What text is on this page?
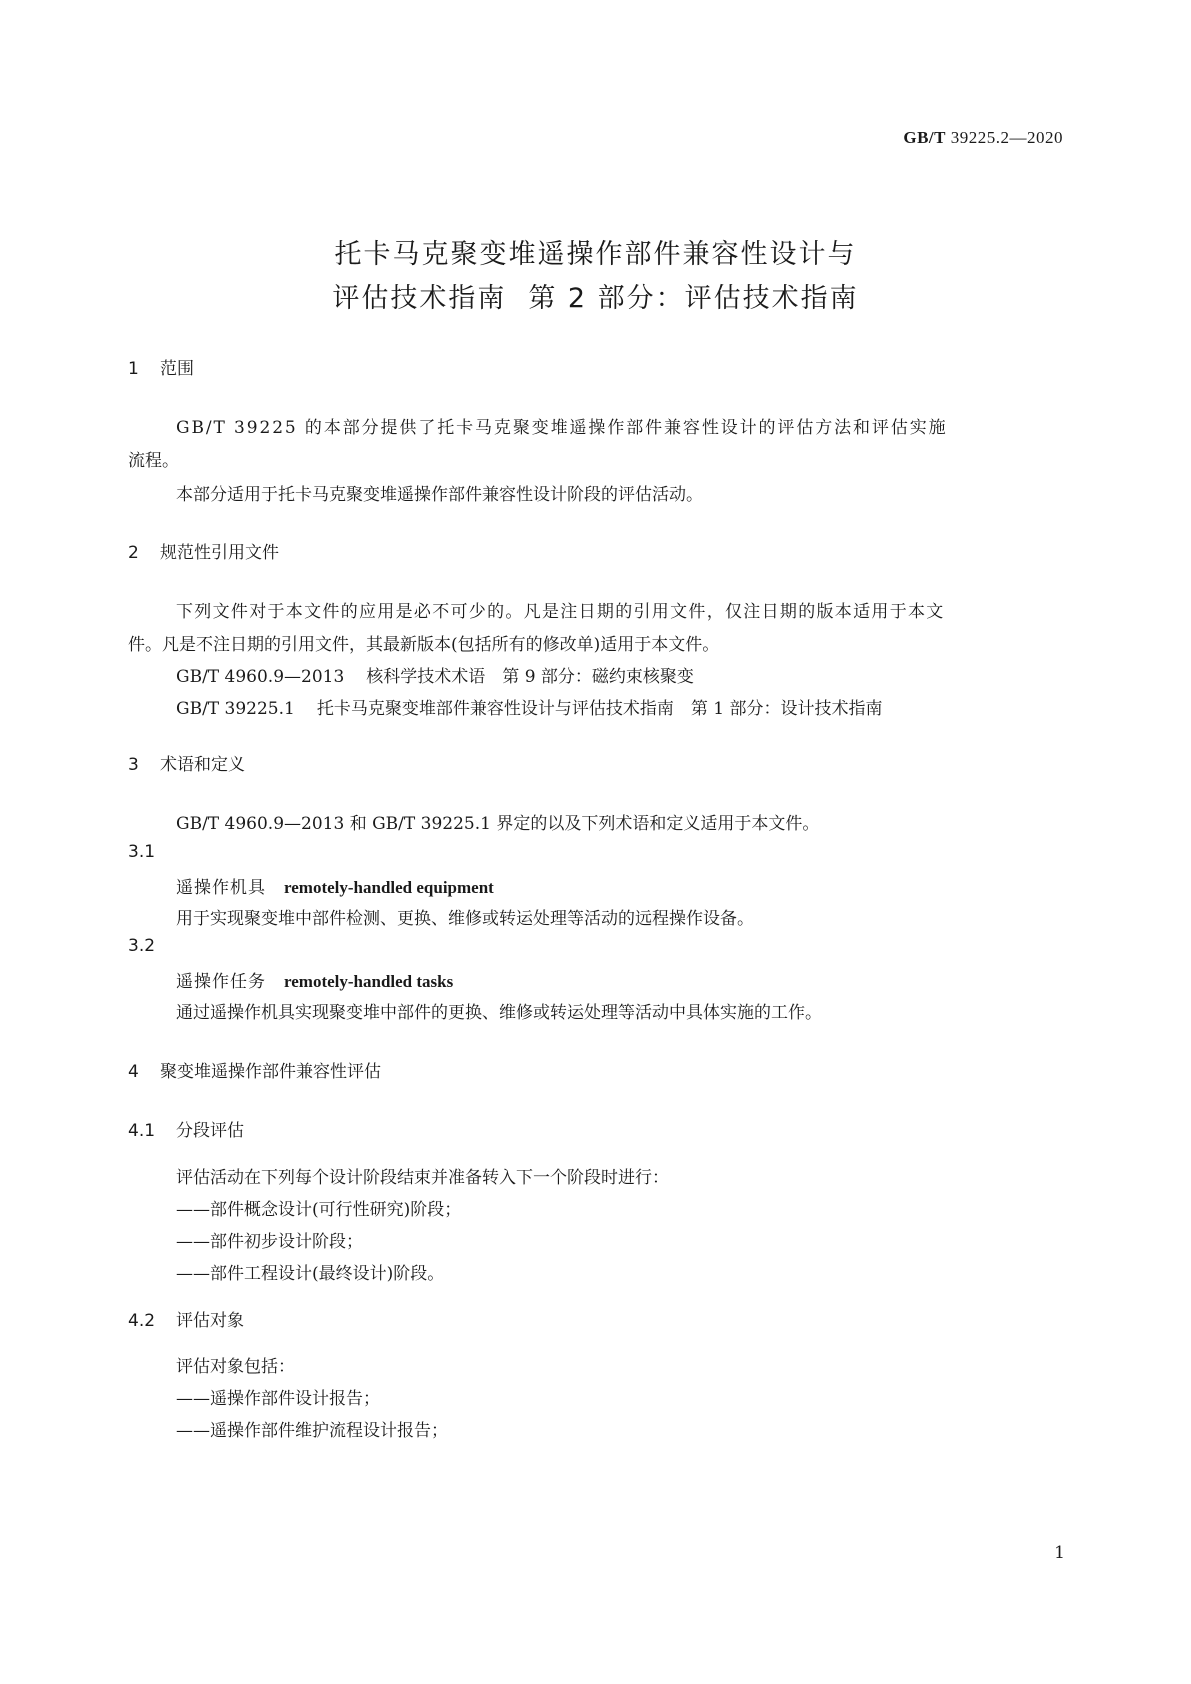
GB/T 39225.2—2020
托卡马克聚变堆遥操作部件兼容性设计与
评估技术指南 第 2 部分：评估技术指南
1 范围
GB/T 39225 的本部分提供了托卡马克聚变堆遥操作部件兼容性设计的评估方法和评估实施
流程。
本部分适用于托卡马克聚变堆遥操作部件兼容性设计阶段的评估活动。
2 规范性引用文件
下列文件对于本文件的应用是必不可少的。凡是注日期的引用文件，仅注日期的版本适用于本文
件。凡是不注日期的引用文件，其最新版本(包括所有的修改单)适用于本文件。
GB/T 4960.9—2013 核科学技术术语　第 9 部分：磁约束核聚变
GB/T 39225.1 托卡马克聚变堆部件兼容性设计与评估技术指南　第 1 部分：设计技术指南
3 术语和定义
GB/T 4960.9—2013 和 GB/T 39225.1 界定的以及下列术语和定义适用于本文件。
3.1
遥操作机具 remotely-handled equipment
用于实现聚变堆中部件检测、更换、维修或转运处理等活动的远程操作设备。
3.2
遥操作任务 remotely-handled tasks
通过遥操作机具实现聚变堆中部件的更换、维修或转运处理等活动中具体实施的工作。
4 聚变堆遥操作部件兼容性评估
4.1 分段评估
评估活动在下列每个设计阶段结束并准备转入下一个阶段时进行：
——部件概念设计(可行性研究)阶段；
——部件初步设计阶段；
——部件工程设计(最终设计)阶段。
4.2 评估对象
评估对象包括：
——遥操作部件设计报告；
——遥操作部件维护流程设计报告；
1
